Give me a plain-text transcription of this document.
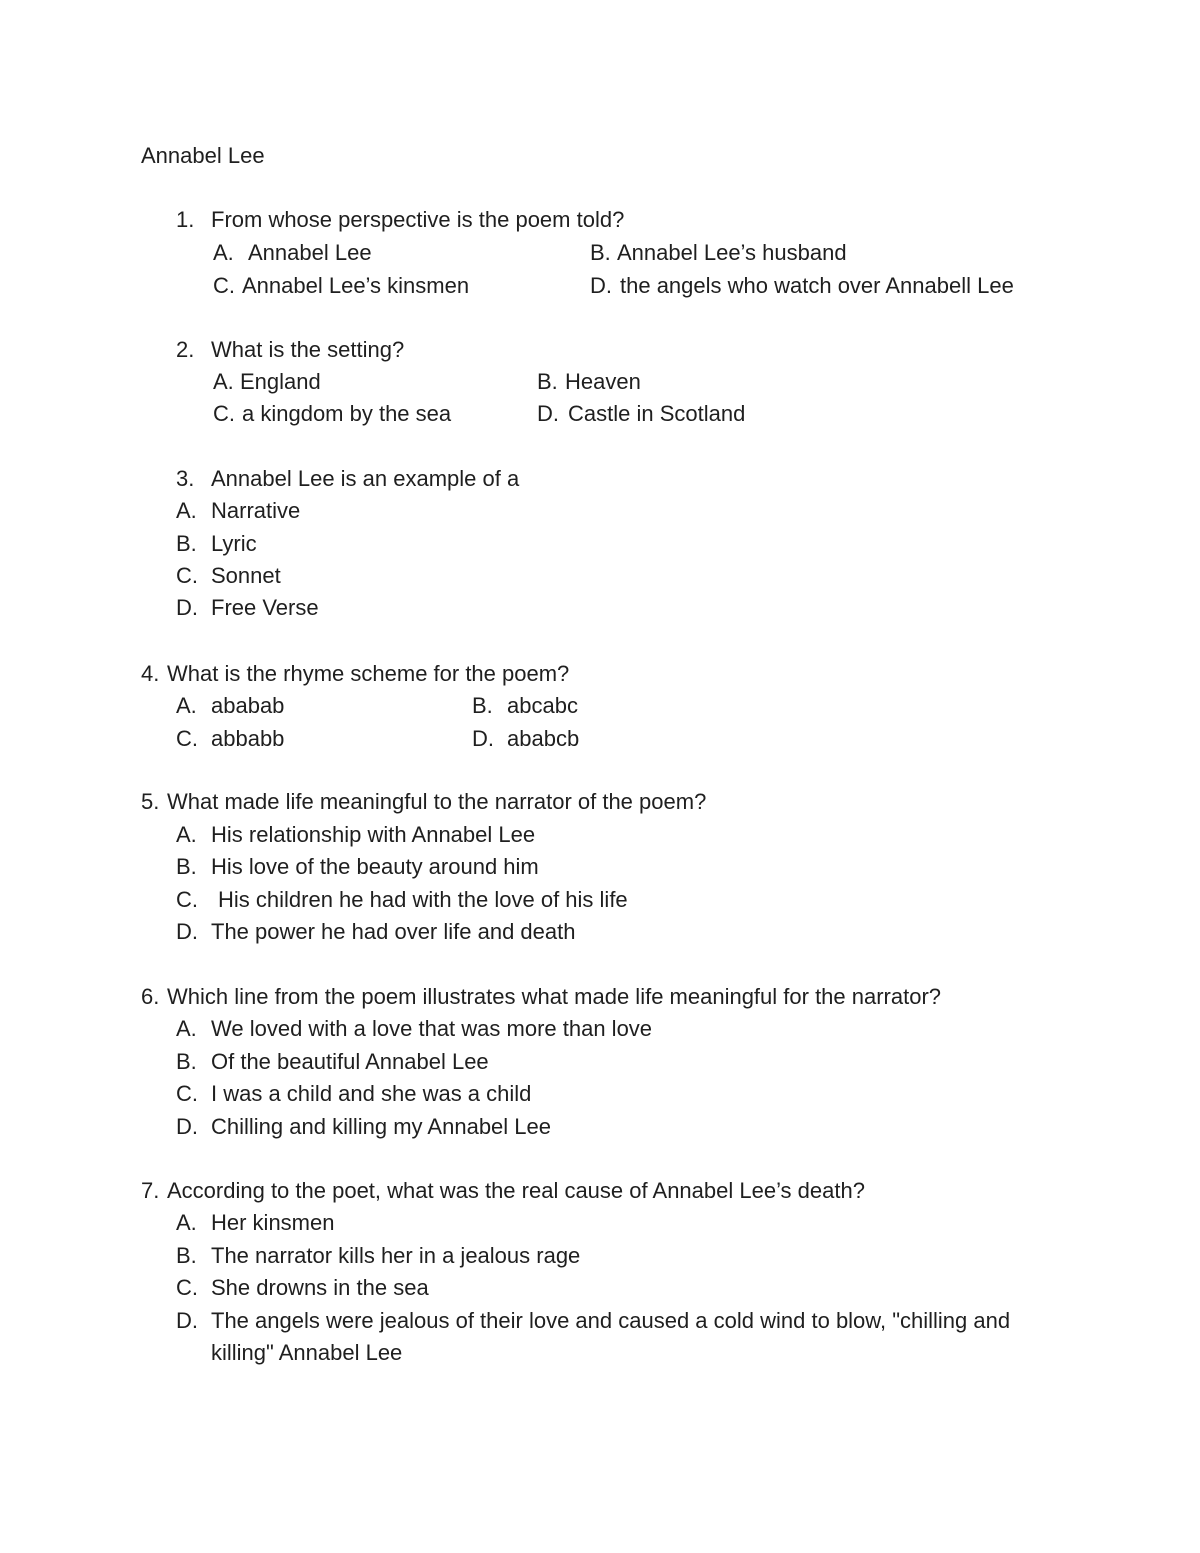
Annabel Lee
1. From whose perspective is the poem told?
A. Annabel Lee	B. Annabel Lee’s husband
C. Annabel Lee’s kinsmen	D. the angels who watch over Annabell Lee
2. What is the setting?
A. England	B. Heaven
C. a kingdom by the sea	D. Castle in Scotland
3. Annabel Lee is an example of a
A. Narrative
B. Lyric
C. Sonnet
D. Free Verse
4. What is the rhyme scheme for the poem?
A. ababab	B. abcabc
C. abbabb	D. ababcb
5. What made life meaningful to the narrator of the poem?
A. His relationship with Annabel Lee
B. His love of the beauty around him
C. His children he had with the love of his life
D. The power he had over life and death
6. Which line from the poem illustrates what made life meaningful for the narrator?
A. We loved with a love that was more than love
B. Of the beautiful Annabel Lee
C. I was a child and she was a child
D. Chilling and killing my Annabel Lee
7. According to the poet, what was the real cause of Annabel Lee’s death?
A. Her kinsmen
B. The narrator kills her in a jealous rage
C. She drowns in the sea
D. The angels were jealous of their love and caused a cold wind to blow, "chilling and killing" Annabel Lee
